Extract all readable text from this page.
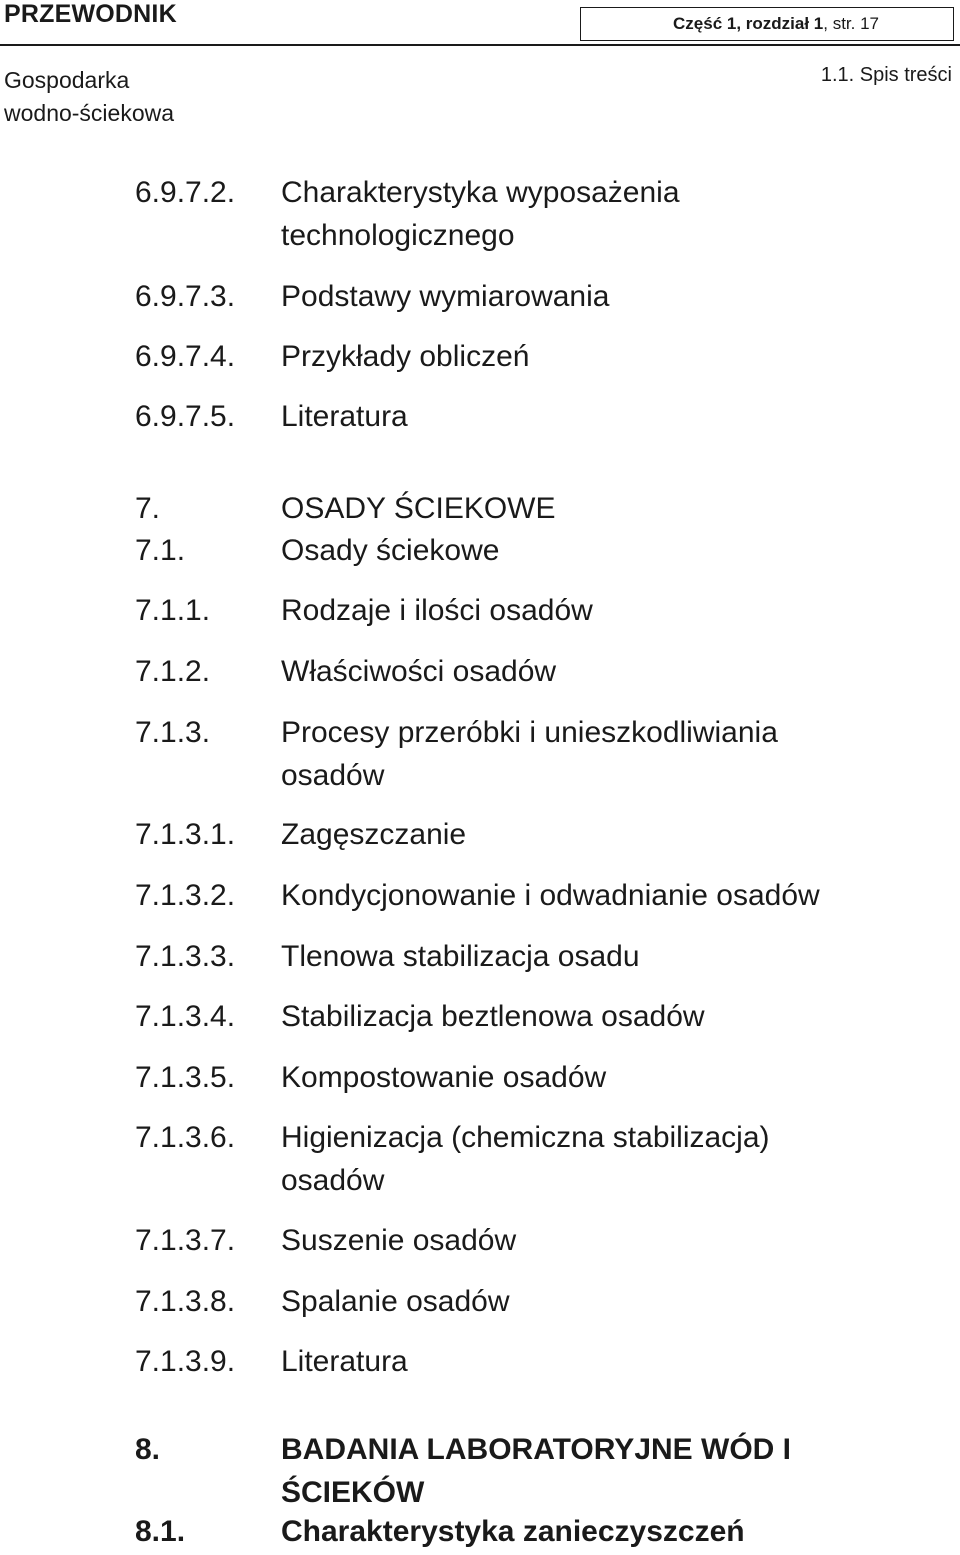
PRZEWODNIK	Część 1, rozdział 1 , str. 17
Gospodarka
wodno-ściekowa
1.1. Spis treści
6.9.7.2.	Charakterystyka wyposażenia technologicznego
6.9.7.3.	Podstawy wymiarowania
6.9.7.4.	Przykłady obliczeń
6.9.7.5.	Literatura
7.	OSADY ŚCIEKOWE
7.1.	Osady ściekowe
7.1.1.	Rodzaje i ilości osadów
7.1.2.	Właściwości osadów
7.1.3.	Procesy przeróbki i unieszkodliwiania osadów
7.1.3.1.	Zagęszczanie
7.1.3.2.	Kondycjonowanie i odwadnianie osadów
7.1.3.3.	Tlenowa stabilizacja osadu
7.1.3.4.	Stabilizacja beztlenowa osadów
7.1.3.5.	Kompostowanie osadów
7.1.3.6.	Higienizacja (chemiczna stabilizacja) osadów
7.1.3.7.	Suszenie osadów
7.1.3.8.	Spalanie osadów
7.1.3.9.	Literatura
8.	BADANIA LABORATORYJNE WÓD I ŚCIEKÓW
8.1.	Charakterystyka zanieczyszczeń
